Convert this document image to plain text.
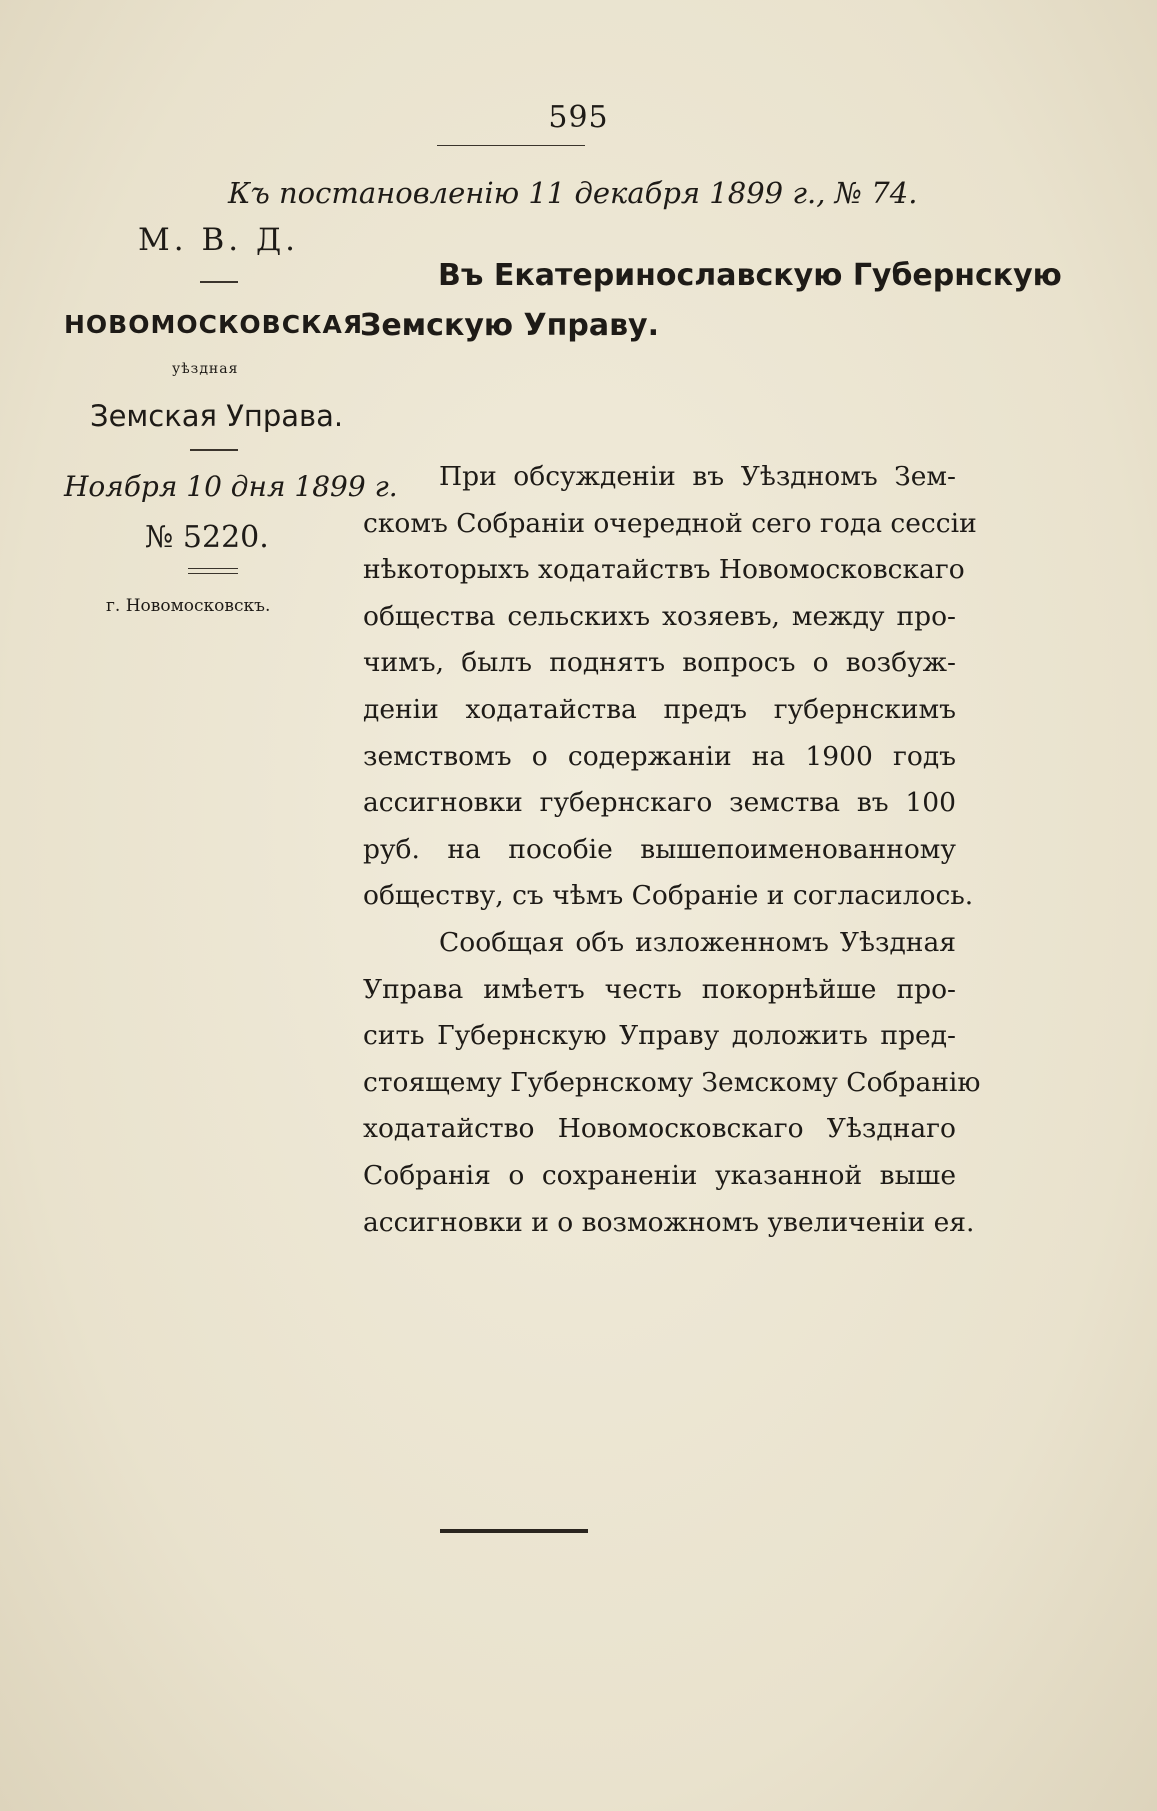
595
Къ постановленію 11 декабря 1899 г., № 74.
М. В. Д.
Въ Екатеринославскую Губернскую
НОВОМОСКОВСКАЯ
Земскую Управу.
уѣздная
Земская Управа.
Ноября 10 дня 1899 г.
№ 5220.
г. Новомосковскъ.
При обсужденіи въ Уѣздномъ Зем-
скомъ Собраніи очередной сего года сессіи
нѣкоторыхъ ходатайствъ Новомосковскаго
общества сельскихъ хозяевъ, между про-
чимъ, былъ поднятъ вопросъ о возбуж-
деніи ходатайства предъ губернскимъ
земствомъ о содержаніи на 1900 годъ
ассигновки губернскаго земства въ 100
руб. на пособіе вышепоименованному
обществу, съ чѣмъ Собраніе и согласилось.
Сообщая объ изложенномъ Уѣздная
Управа имѣетъ честь покорнѣйше про-
сить Губернскую Управу доложить пред-
стоящему Губернскому Земскому Собранію
ходатайство Новомосковскаго Уѣзднаго
Собранія о сохраненіи указанной выше
ассигновки и о возможномъ увеличеніи ея.
